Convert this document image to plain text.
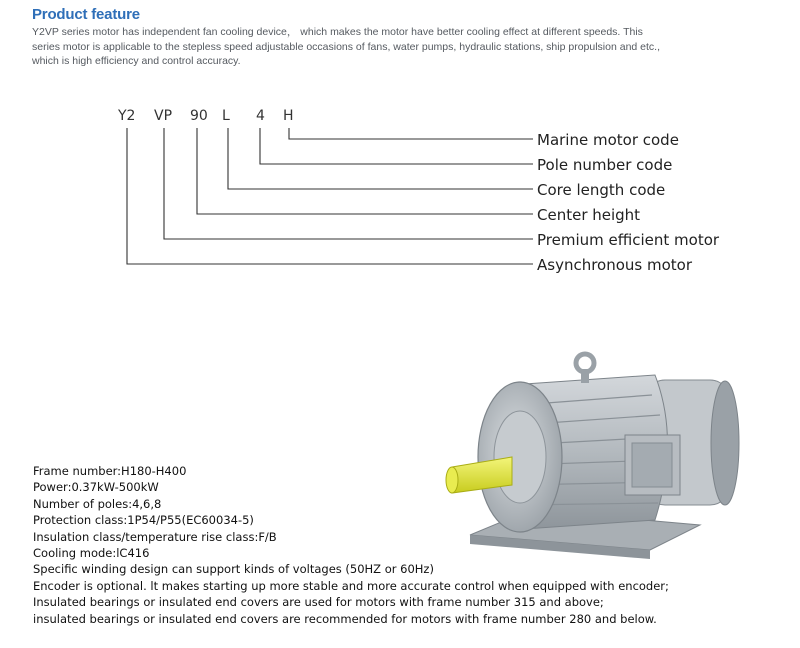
Product feature

Y2VP series motor has independent fan cooling device， which makes the motor have better cooling effect at different speeds. This

series motor is applicable to the stepless speed adjustable occasions of fans, water pumps, hydraulic stations, ship propulsion and etc.,

which is high efficiency and control accuracy.

Y2 VP 90 L 4 H
Marine motor code
Pole number code
Core length code
Center height
Premium efficient motor
Asynchronous motor
Frame number:H180-H400
Power:0.37kW-500kW
Number of poles:4,6,8
Protection class:1P54/P55(EC60034-5)
Insulation class/temperature rise class:F/B
Cooling mode:lC416
Specific winding design can support kinds of voltages (50HZ or 60Hz)
Encoder is optional. lt makes starting up more stable and more accurate control when equipped with encoder;
Insulated bearings or insulated end covers are used for motors with frame number 315 and above;
insulated bearings or insulated end covers are recommended for motors with frame number 280 and below.
